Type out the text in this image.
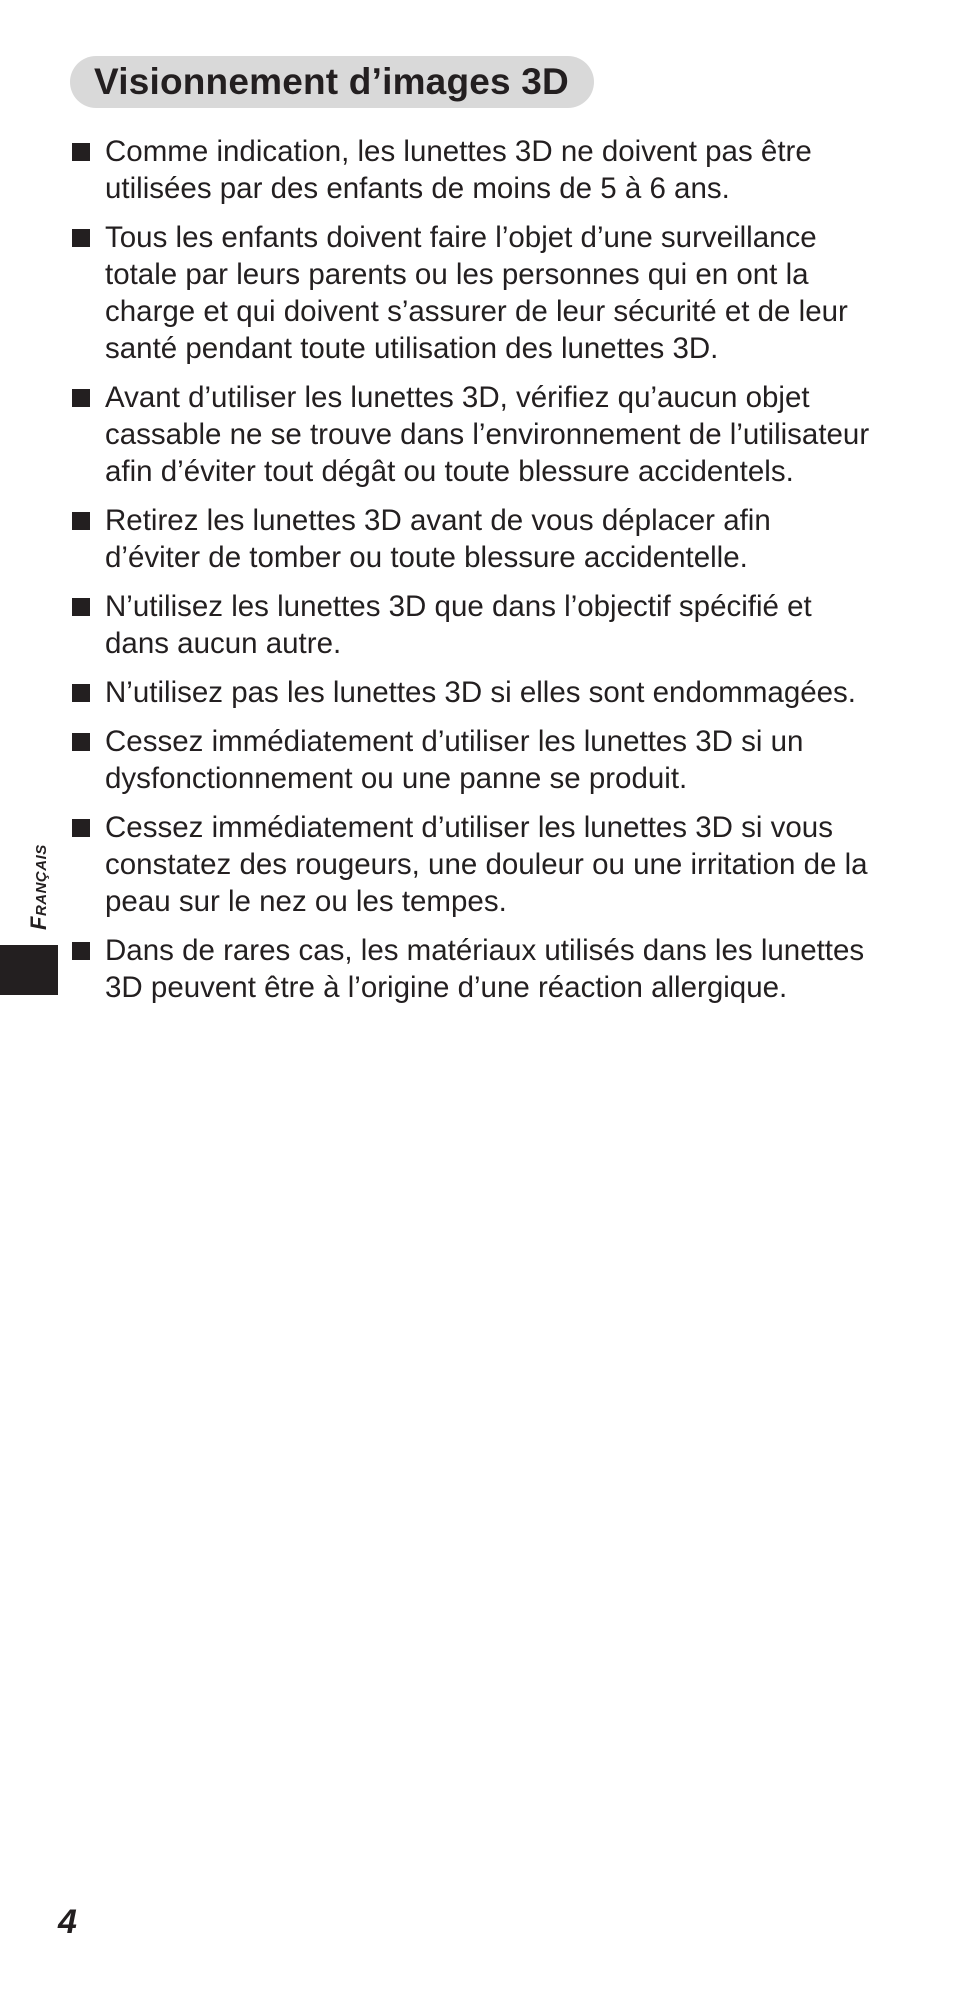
Visionnement d’images 3D
Comme indication, les lunettes 3D ne doivent pas être utilisées par des enfants de moins de 5 à 6 ans.
Tous les enfants doivent faire l’objet d’une surveillance totale par leurs parents ou les personnes qui en ont la charge et qui doivent s’assurer de leur sécurité et de leur santé pendant toute utilisation des lunettes 3D.
Avant d’utiliser les lunettes 3D, vérifiez qu’aucun objet cassable ne se trouve dans l’environnement de l’utilisateur afin d’éviter tout dégât ou toute blessure accidentels.
Retirez les lunettes 3D avant de vous déplacer afin d’éviter de tomber ou toute blessure accidentelle.
N’utilisez les lunettes 3D que dans l’objectif spécifié et dans aucun autre.
N’utilisez pas les lunettes 3D si elles sont endommagées.
Cessez immédiatement d’utiliser les lunettes 3D si un dysfonctionnement ou une panne se produit.
Cessez immédiatement d’utiliser les lunettes 3D si vous constatez des rougeurs, une douleur ou une irritation de la peau sur le nez ou les tempes.
Dans de rares cas, les matériaux utilisés dans les lunettes 3D peuvent être à l’origine d’une réaction allergique.
Français
4
